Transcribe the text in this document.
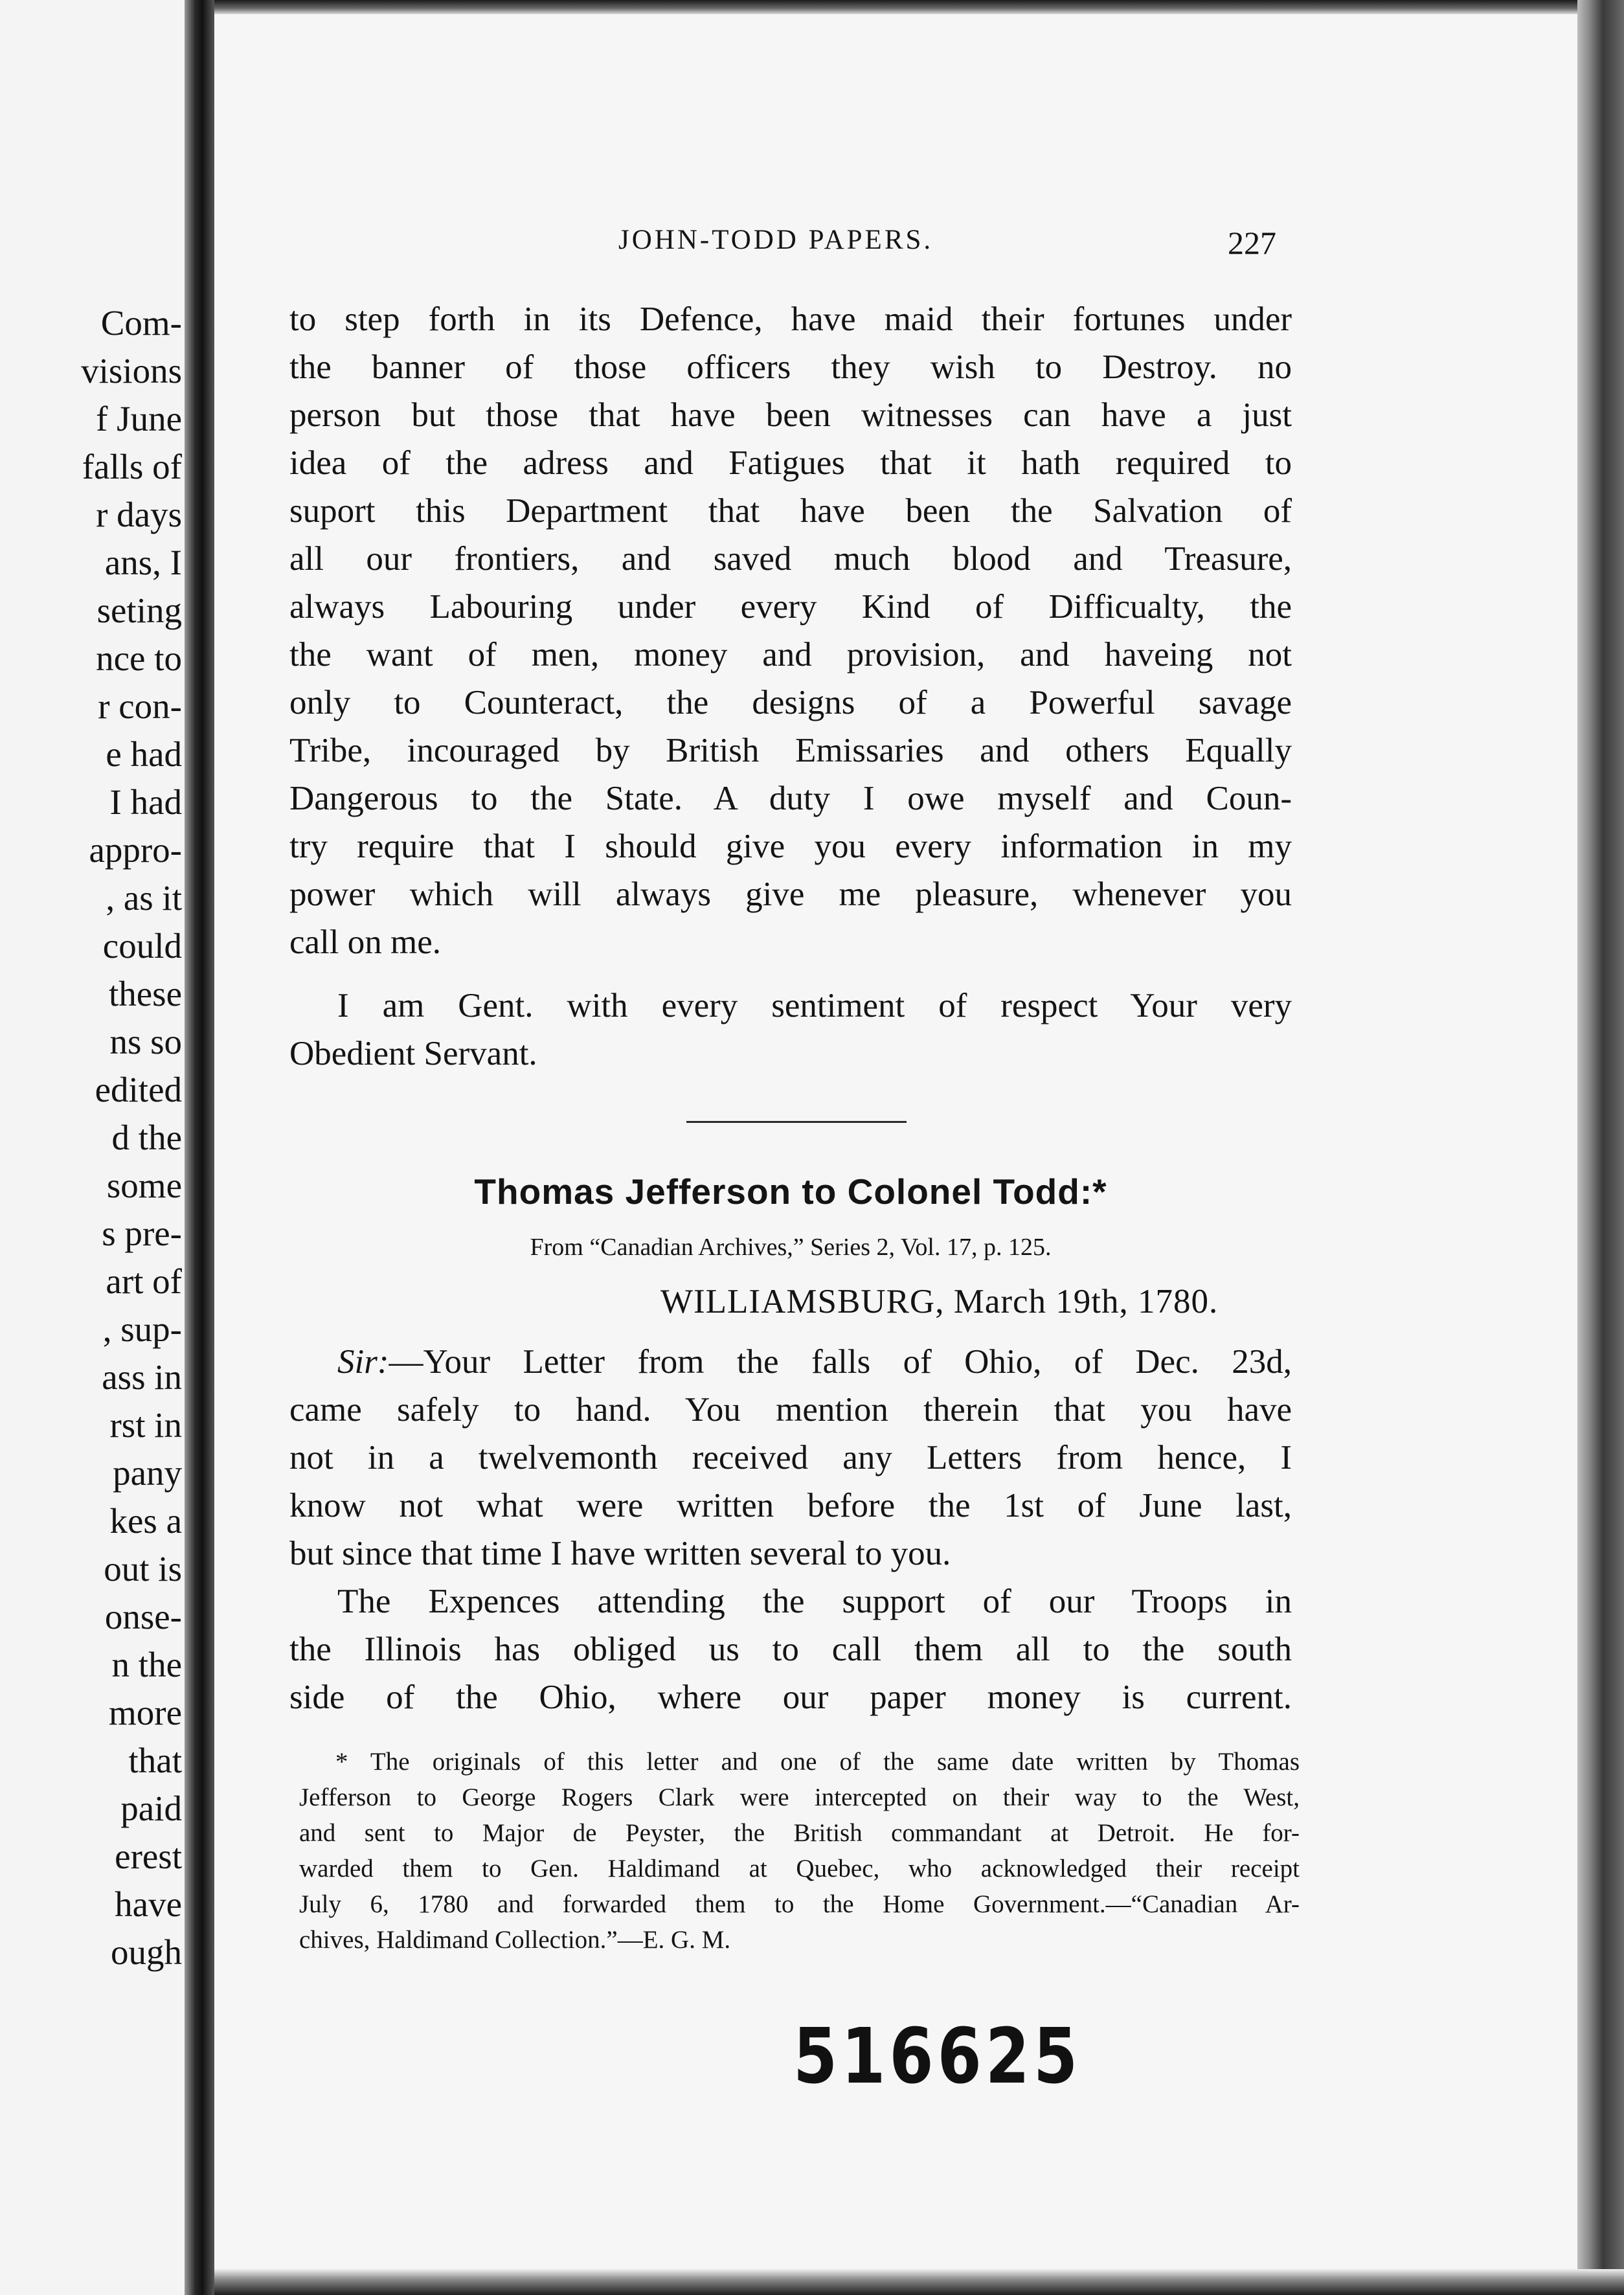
Com-
visions
f June
falls of
r days
ans, I
seting
nce to
r con-
e had
I had
appro-
, as it
could
these
ns so
edited
d the
some
s pre-
art of
, sup-
ass in
rst in
pany
kes a
out is
onse-
n the
more
that
paid
erest
have
ough
JOHN-TODD PAPERS.	227
to step forth in its Defence, have maid their fortunes under
the banner of those officers they wish to Destroy. no
person but those that have been witnesses can have a just
idea of the adress and Fatigues that it hath required to
suport this Department that have been the Salvation of
all our frontiers, and saved much blood and Treasure,
always Labouring under every Kind of Difficualty, the
the want of men, money and provision, and haveing not
only to Counteract, the designs of a Powerful savage
Tribe, incouraged by British Emissaries and others Equally
Dangerous to the State. A duty I owe myself and Coun-
try require that I should give you every information in my
power which will always give me pleasure, whenever you
call on me.
I am Gent. with every sentiment of respect Your very
Obedient Servant.
Thomas Jefferson to Colonel Todd:*
From “Canadian Archives,” Series 2, Vol. 17, p. 125.
WILLIAMSBURG, March 19th, 1780.
Sir:—Your Letter from the falls of Ohio, of Dec. 23d,
came safely to hand. You mention therein that you have
not in a twelvemonth received any Letters from hence, I
know not what were written before the 1st of June last,
but since that time I have written several to you.
The Expences attending the support of our Troops in
the Illinois has obliged us to call them all to the south
side of the Ohio, where our paper money is current.
* The originals of this letter and one of the same date written by Thomas
Jefferson to George Rogers Clark were intercepted on their way to the West,
and sent to Major de Peyster, the British commandant at Detroit. He for-
warded them to Gen. Haldimand at Quebec, who acknowledged their receipt
July 6, 1780 and forwarded them to the Home Government.—“Canadian Ar-
chives, Haldimand Collection.”—E. G. M.
516625
